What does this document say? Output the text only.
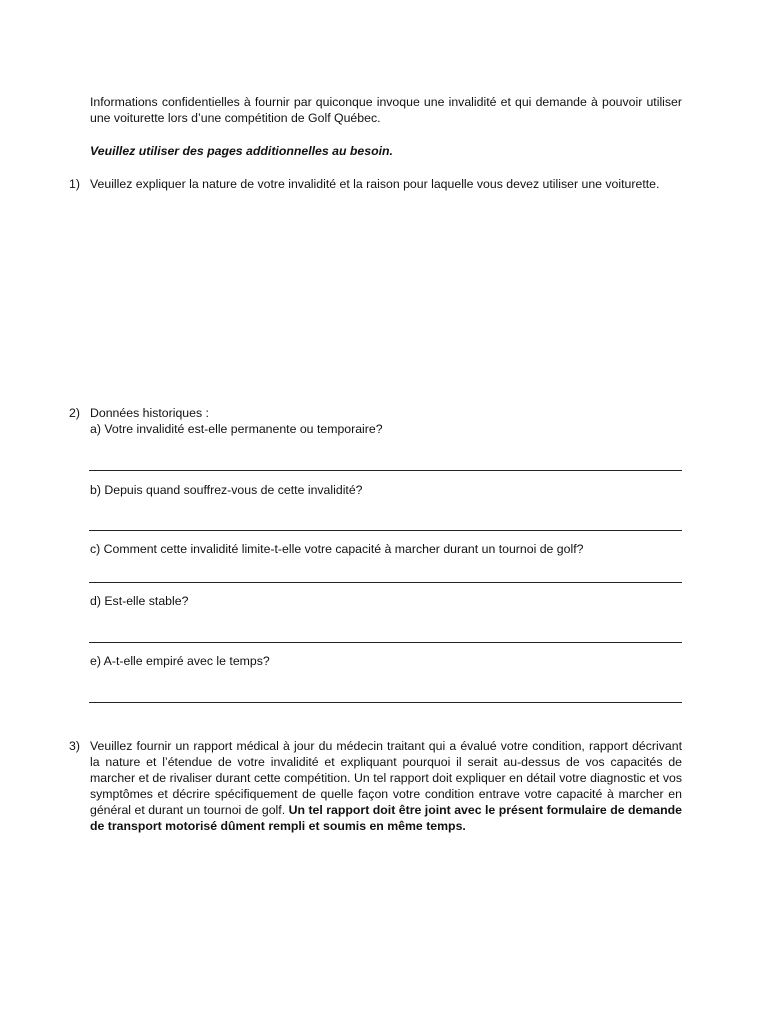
Informations confidentielles à fournir par quiconque invoque une invalidité et qui demande à pouvoir utiliser une voiturette lors d’une compétition de Golf Québec.

Veuillez utiliser des pages additionnelles au besoin.

1) Veuillez expliquer la nature de votre invalidité et la raison pour laquelle vous devez utiliser une voiturette.

2) Données historiques :

a) Votre invalidité est-elle permanente ou temporaire?

b) Depuis quand souffrez-vous de cette invalidité?

c) Comment cette invalidité limite-t-elle votre capacité à marcher durant un tournoi de golf?

d) Est-elle stable?

e) A-t-elle empiré avec le temps?

3) Veuillez fournir un rapport médical à jour du médecin traitant qui a évalué votre condition, rapport décrivant la nature et l’étendue de votre invalidité et expliquant pourquoi il serait au-dessus de vos capacités de marcher et de rivaliser durant cette compétition. Un tel rapport doit expliquer en détail votre diagnostic et vos symptômes et décrire spécifiquement de quelle façon votre condition entrave votre capacité à marcher en général et durant un tournoi de golf. Un tel rapport doit être joint avec le présent formulaire de demande de transport motorisé dûment rempli et soumis en même temps.
